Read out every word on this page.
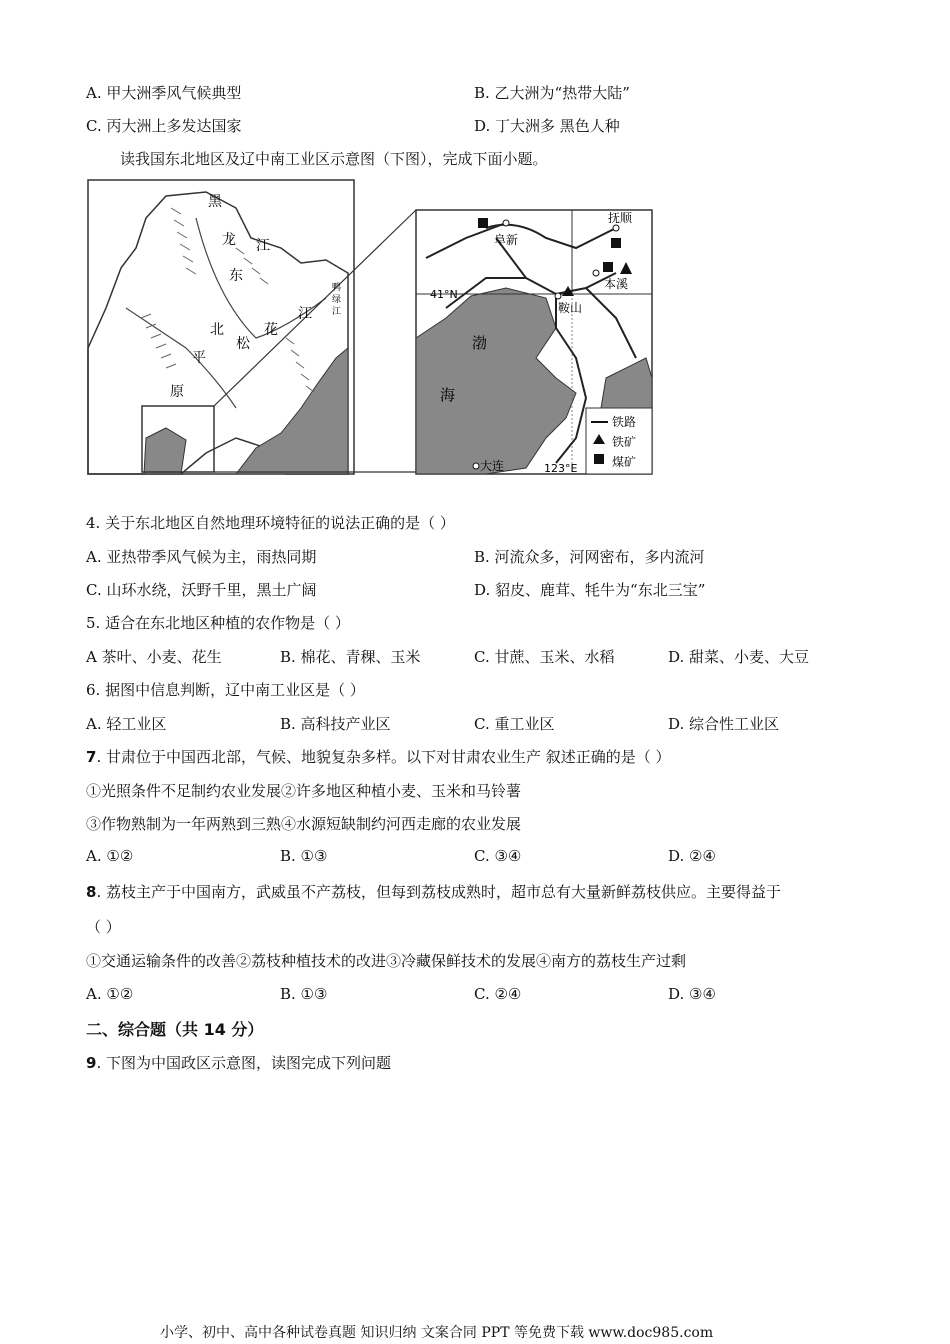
A. 甲大洲季风气候典型	B. 乙大洲为“热带大陆”
C. 丙大洲上多发达国家	D. 丁大洲多 黑色人种
读我国东北地区及辽中南工业区示意图（下图），完成下面小题。
黑
龙 江
东
北
松
花
江
平
原
鸭
绿
江
阜新
抚顺
本溪
鞍山
大连
渤
海
41°N
123°E
铁路
铁矿
煤矿
4. 关于东北地区自然地理环境特征的说法正确的是（ ）
A. 亚热带季风气候为主，雨热同期	B. 河流众多，河网密布，多内流河
C. 山环水绕，沃野千里，黑土广阔	D. 貂皮、鹿茸、牦牛为“东北三宝”
5. 适合在东北地区种植的农作物是（ ）
A 茶叶、小麦、花生	B. 棉花、青稞、玉米	C. 甘蔗、玉米、水稻	D. 甜菜、小麦、大豆
6. 据图中信息判断，辽中南工业区是（ ）
A. 轻工业区	B. 高科技产业区	C. 重工业区	D. 综合性工业区
7. 甘肃位于中国西北部，气候、地貌复杂多样。以下对甘肃农业生产 叙述正确的是（ ）
①光照条件不足制约农业发展②许多地区种植小麦、玉米和马铃薯
③作物熟制为一年两熟到三熟④水源短缺制约河西走廊的农业发展
A. ①②	B. ①③	C. ③④	D. ②④
8. 荔枝主产于中国南方，武威虽不产荔枝，但每到荔枝成熟时，超市总有大量新鲜荔枝供应。主要得益于
（ ）
①交通运输条件的改善②荔枝种植技术的改进③冷藏保鲜技术的发展④南方的荔枝生产过剩
A. ①②	B. ①③	C. ②④	D. ③④
二、综合题（共 14 分）
9. 下图为中国政区示意图，读图完成下列问题
小学、初中、高中各种试卷真题 知识归纳 文案合同 PPT 等免费下载 www.doc985.com
